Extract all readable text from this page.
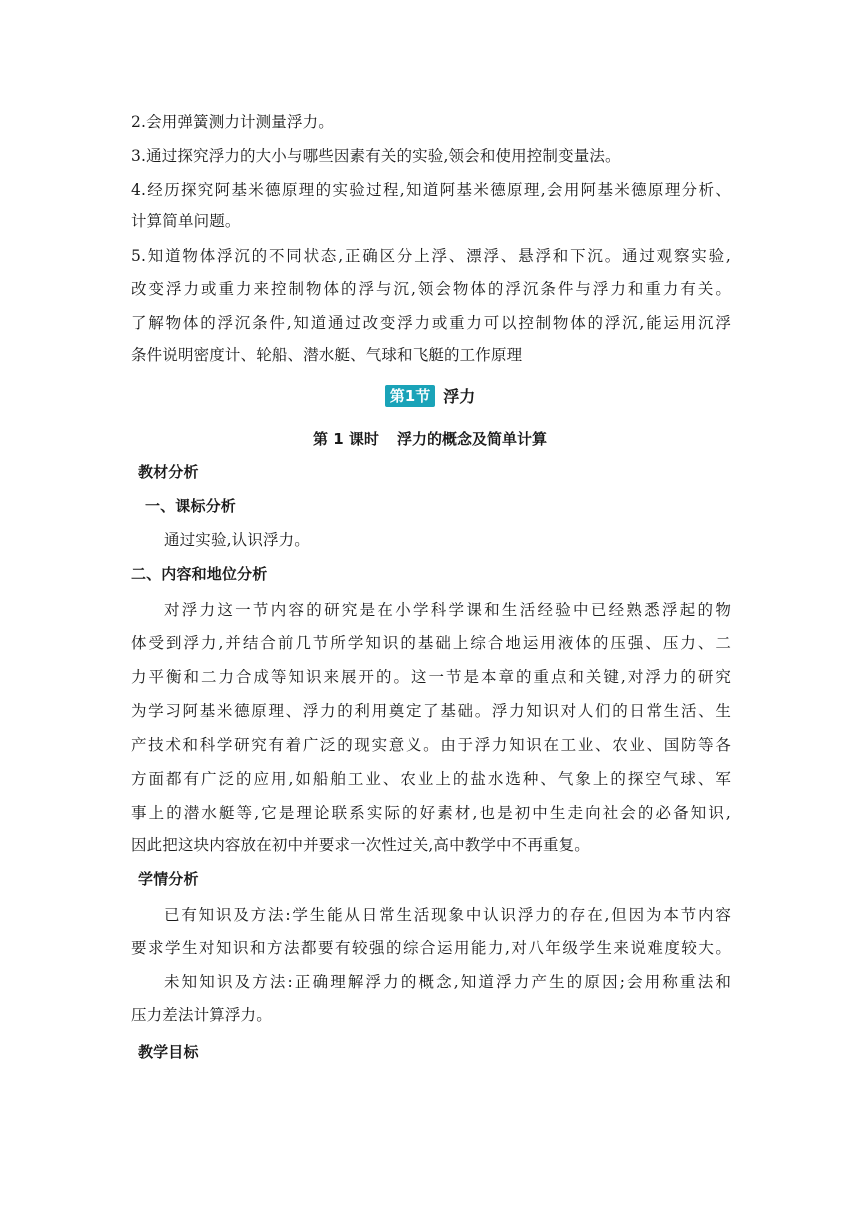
2.会用弹簧测力计测量浮力。
3.通过探究浮力的大小与哪些因素有关的实验,领会和使用控制变量法。
4.经历探究阿基米德原理的实验过程,知道阿基米德原理,会用阿基米德原理分析、
计算简单问题。
5.知道物体浮沉的不同状态,正确区分上浮、漂浮、悬浮和下沉。通过观察实验,
改变浮力或重力来控制物体的浮与沉,领会物体的浮沉条件与浮力和重力有关。
了解物体的浮沉条件,知道通过改变浮力或重力可以控制物体的浮沉,能运用沉浮
条件说明密度计、轮船、潜水艇、气球和飞艇的工作原理
第1节 浮力
第 1 课时 浮力的概念及简单计算
教材分析
一、课标分析
通过实验,认识浮力。
二、内容和地位分析
对浮力这一节内容的研究是在小学科学课和生活经验中已经熟悉浮起的物
体受到浮力,并结合前几节所学知识的基础上综合地运用液体的压强、压力、二
力平衡和二力合成等知识来展开的。这一节是本章的重点和关键,对浮力的研究
为学习阿基米德原理、浮力的利用奠定了基础。浮力知识对人们的日常生活、生
产技术和科学研究有着广泛的现实意义。由于浮力知识在工业、农业、国防等各
方面都有广泛的应用,如船舶工业、农业上的盐水选种、气象上的探空气球、军
事上的潜水艇等,它是理论联系实际的好素材,也是初中生走向社会的必备知识,
因此把这块内容放在初中并要求一次性过关,高中教学中不再重复。
学情分析
已有知识及方法:学生能从日常生活现象中认识浮力的存在,但因为本节内容
要求学生对知识和方法都要有较强的综合运用能力,对八年级学生来说难度较大。
未知知识及方法:正确理解浮力的概念,知道浮力产生的原因;会用称重法和
压力差法计算浮力。
教学目标
